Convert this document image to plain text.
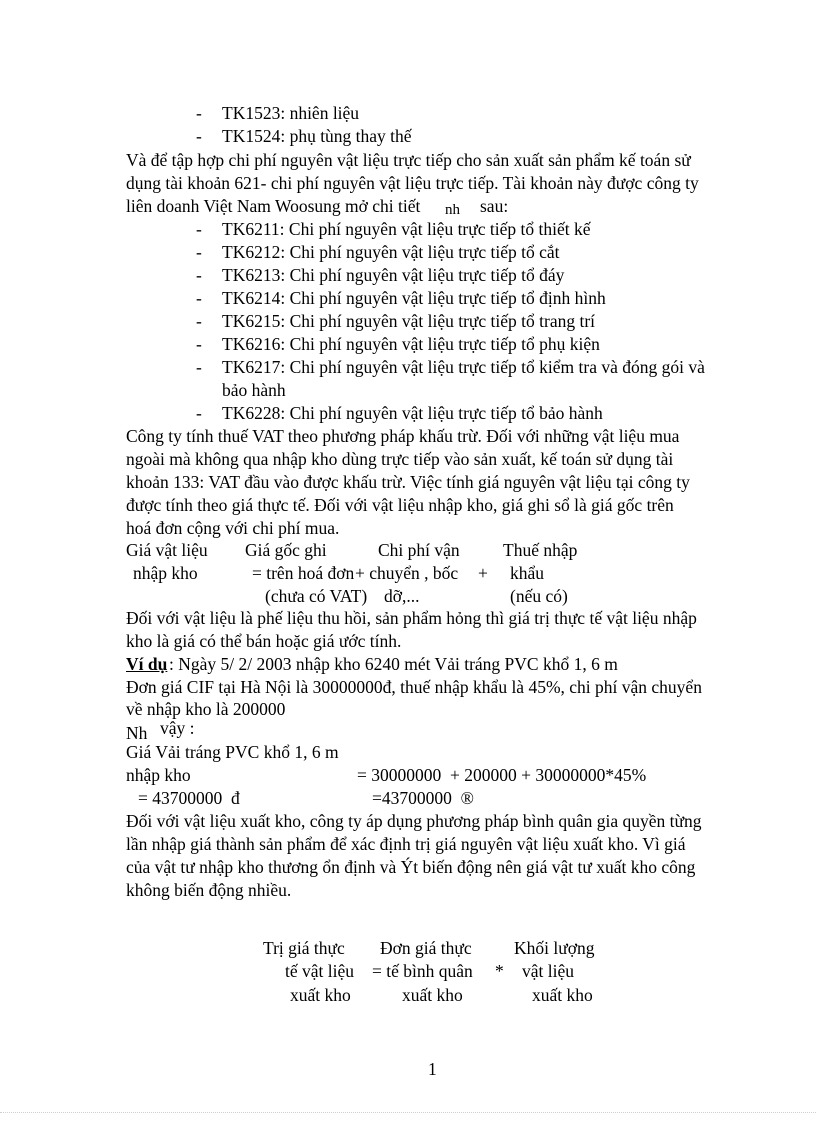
- TK1523: nhiên liệu
- TK1524: phụ tùng thay thế
Và để tập hợp chi phí nguyên vật liệu trực tiếp cho sản xuất sản phẩm kế toán sử
dụng tài khoản 621- chi phí nguyên vật liệu trực tiếp. Tài khoản này được công ty
liên doanh Việt Nam Woosung mở chi tiết nh sau:
- TK6211: Chi phí nguyên vật liệu trực tiếp tổ thiết kế
- TK6212: Chi phí nguyên vật liệu trực tiếp tổ cắt
- TK6213: Chi phí nguyên vật liệu trực tiếp tổ đáy
- TK6214: Chi phí nguyên vật liệu trực tiếp tổ định hình
- TK6215: Chi phí nguyên vật liệu trực tiếp tổ trang trí
- TK6216: Chi phí nguyên vật liệu trực tiếp tổ phụ kiện
- TK6217: Chi phí nguyên vật liệu trực tiếp tổ kiểm tra và đóng gói và
bảo hành
- TK6228: Chi phí nguyên vật liệu trực tiếp tổ bảo hành
Công ty tính thuế VAT theo phương pháp khấu trừ. Đối với những vật liệu mua
ngoài mà không qua nhập kho dùng trực tiếp vào sản xuất, kế toán sử dụng tài
khoản 133: VAT đầu vào được khấu trừ. Việc tính giá nguyên vật liệu tại công ty
được tính theo giá thực tế. Đối với vật liệu nhập kho, giá ghi sổ là giá gốc trên
hoá đơn cộng với chi phí mua.
Giá vật liệu Giá gốc ghi	Chi phí vận Thuế nhập
nhập kho	= trên hoá đơn + chuyển , bốc + khẩu
(chưa có VAT) dỡ,...	(nếu có)
Đối với vật liệu là phế liệu thu hồi, sản phẩm hỏng thì giá trị thực tế vật liệu nhập
kho là giá có thể bán hoặc giá ước tính.
Ví dụ : Ngày 5/ 2/ 2003 nhập kho 6240 mét Vải tráng PVC khổ 1, 6 m
Đơn giá CIF tại Hà Nội là 30000000đ, thuế nhập khẩu là 45%, chi phí vận chuyển
về nhập kho là 200000
Nh vậy :
Giá Vải tráng PVC khổ 1, 6 m
nhập kho	= 30000000  + 200000 + 30000000*45%
= 43700000  đ	=43700000  ®
Đối với vật liệu xuất kho, công ty áp dụng phương pháp bình quân gia quyền từng
lần nhập giá thành sản phẩm để xác định trị giá nguyên vật liệu xuất kho. Vì giá
của vật tư nhập kho thương ổn định và Ýt biến động nên giá vật tư xuất kho công
không biến động nhiều.
Trị giá thực Đơn giá thực Khối lượng
tế vật liệu = tế bình quân * vật liệu
xuất kho	xuất kho	xuất kho
1
